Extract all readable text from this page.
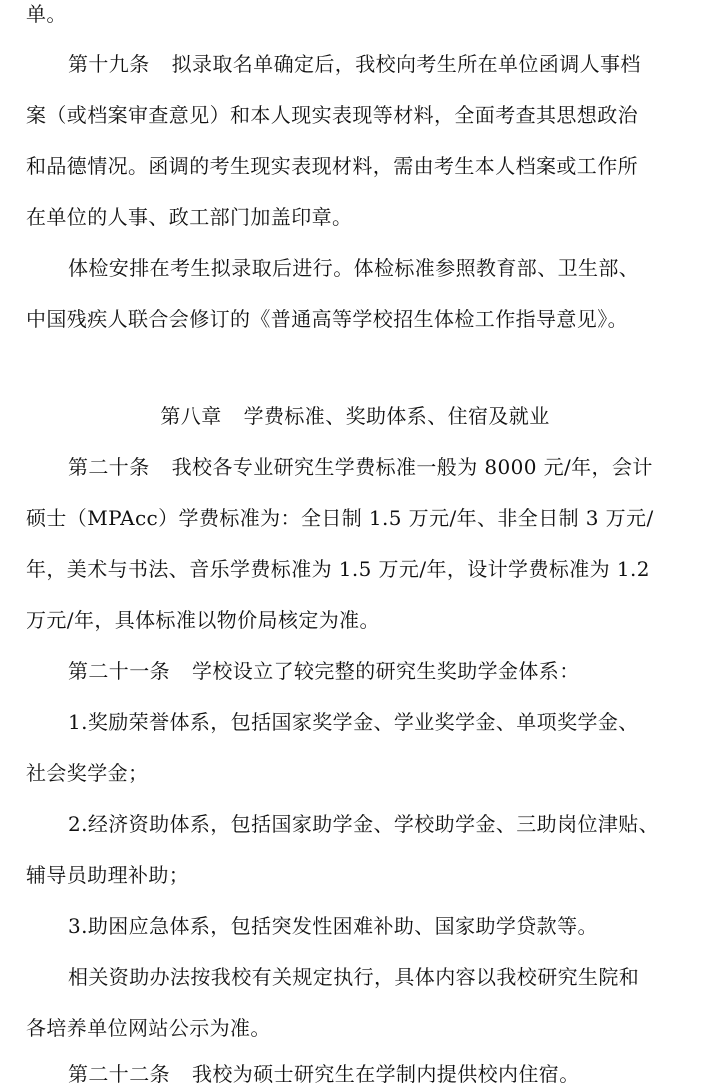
单。
第十九条 拟录取名单确定后，我校向考生所在单位函调人事档
案（或档案审查意见）和本人现实表现等材料，全面考查其思想政治
和品德情况。函调的考生现实表现材料，需由考生本人档案或工作所
在单位的人事、政工部门加盖印章。
体检安排在考生拟录取后进行。体检标准参照教育部、卫生部、
中国残疾人联合会修订的《普通高等学校招生体检工作指导意见》。
第八章 学费标准、奖助体系、住宿及就业
第二十条 我校各专业研究生学费标准一般为 8000 元/年，会计
硕士（MPAcc）学费标准为：全日制 1.5 万元/年、非全日制 3 万元/
年，美术与书法、音乐学费标准为 1.5 万元/年，设计学费标准为 1.2
万元/年，具体标准以物价局核定为准。
第二十一条 学校设立了较完整的研究生奖助学金体系：
1.奖励荣誉体系，包括国家奖学金、学业奖学金、单项奖学金、
社会奖学金；
2.经济资助体系，包括国家助学金、学校助学金、三助岗位津贴、
辅导员助理补助；
3.助困应急体系，包括突发性困难补助、国家助学贷款等。
相关资助办法按我校有关规定执行，具体内容以我校研究生院和
各培养单位网站公示为准。
第二十二条 我校为硕士研究生在学制内提供校内住宿。
